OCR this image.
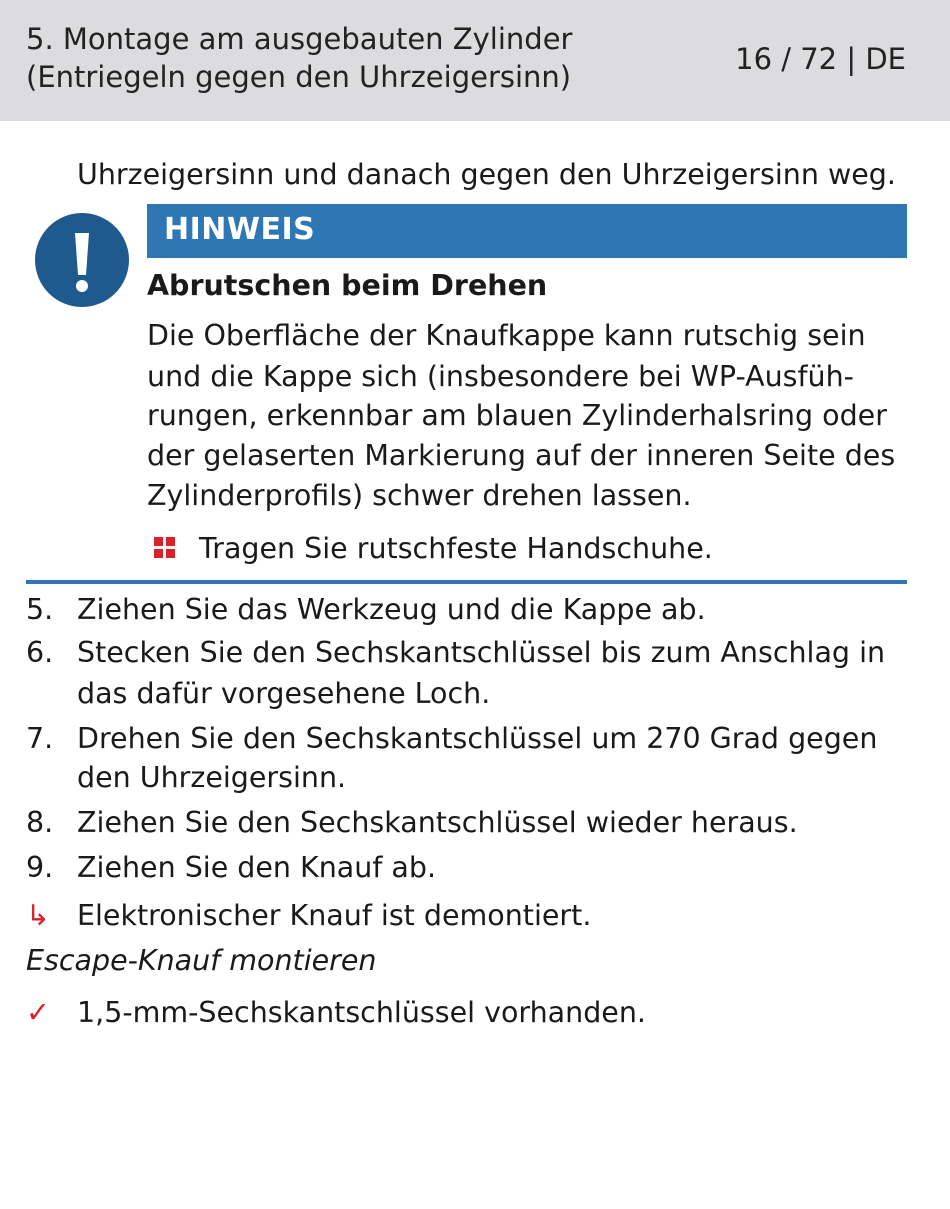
5. Montage am ausgebauten Zylinder
(Entriegeln gegen den Uhrzeigersinn)
16 / 72 | DE
Uhrzeigersinn und danach gegen den Uhrzeigersinn weg.
HINWEIS
Abrutschen beim Drehen
Die Oberfläche der Knaufkappe kann rutschig sein
und die Kappe sich (insbesondere bei WP-Ausfüh-
rungen, erkennbar am blauen Zylinderhalsring oder
der gelaserten Markierung auf der inneren Seite des
Zylinderprofils) schwer drehen lassen.
Tragen Sie rutschfeste Handschuhe.
5. Ziehen Sie das Werkzeug und die Kappe ab.
6. Stecken Sie den Sechskantschlüssel bis zum Anschlag in
das dafür vorgesehene Loch.
7. Drehen Sie den Sechskantschlüssel um 270 Grad gegen
den Uhrzeigersinn.
8. Ziehen Sie den Sechskantschlüssel wieder heraus.
9. Ziehen Sie den Knauf ab.
↳ Elektronischer Knauf ist demontiert.
Escape-Knauf montieren
✓ 1,5-mm-Sechskantschlüssel vorhanden.
